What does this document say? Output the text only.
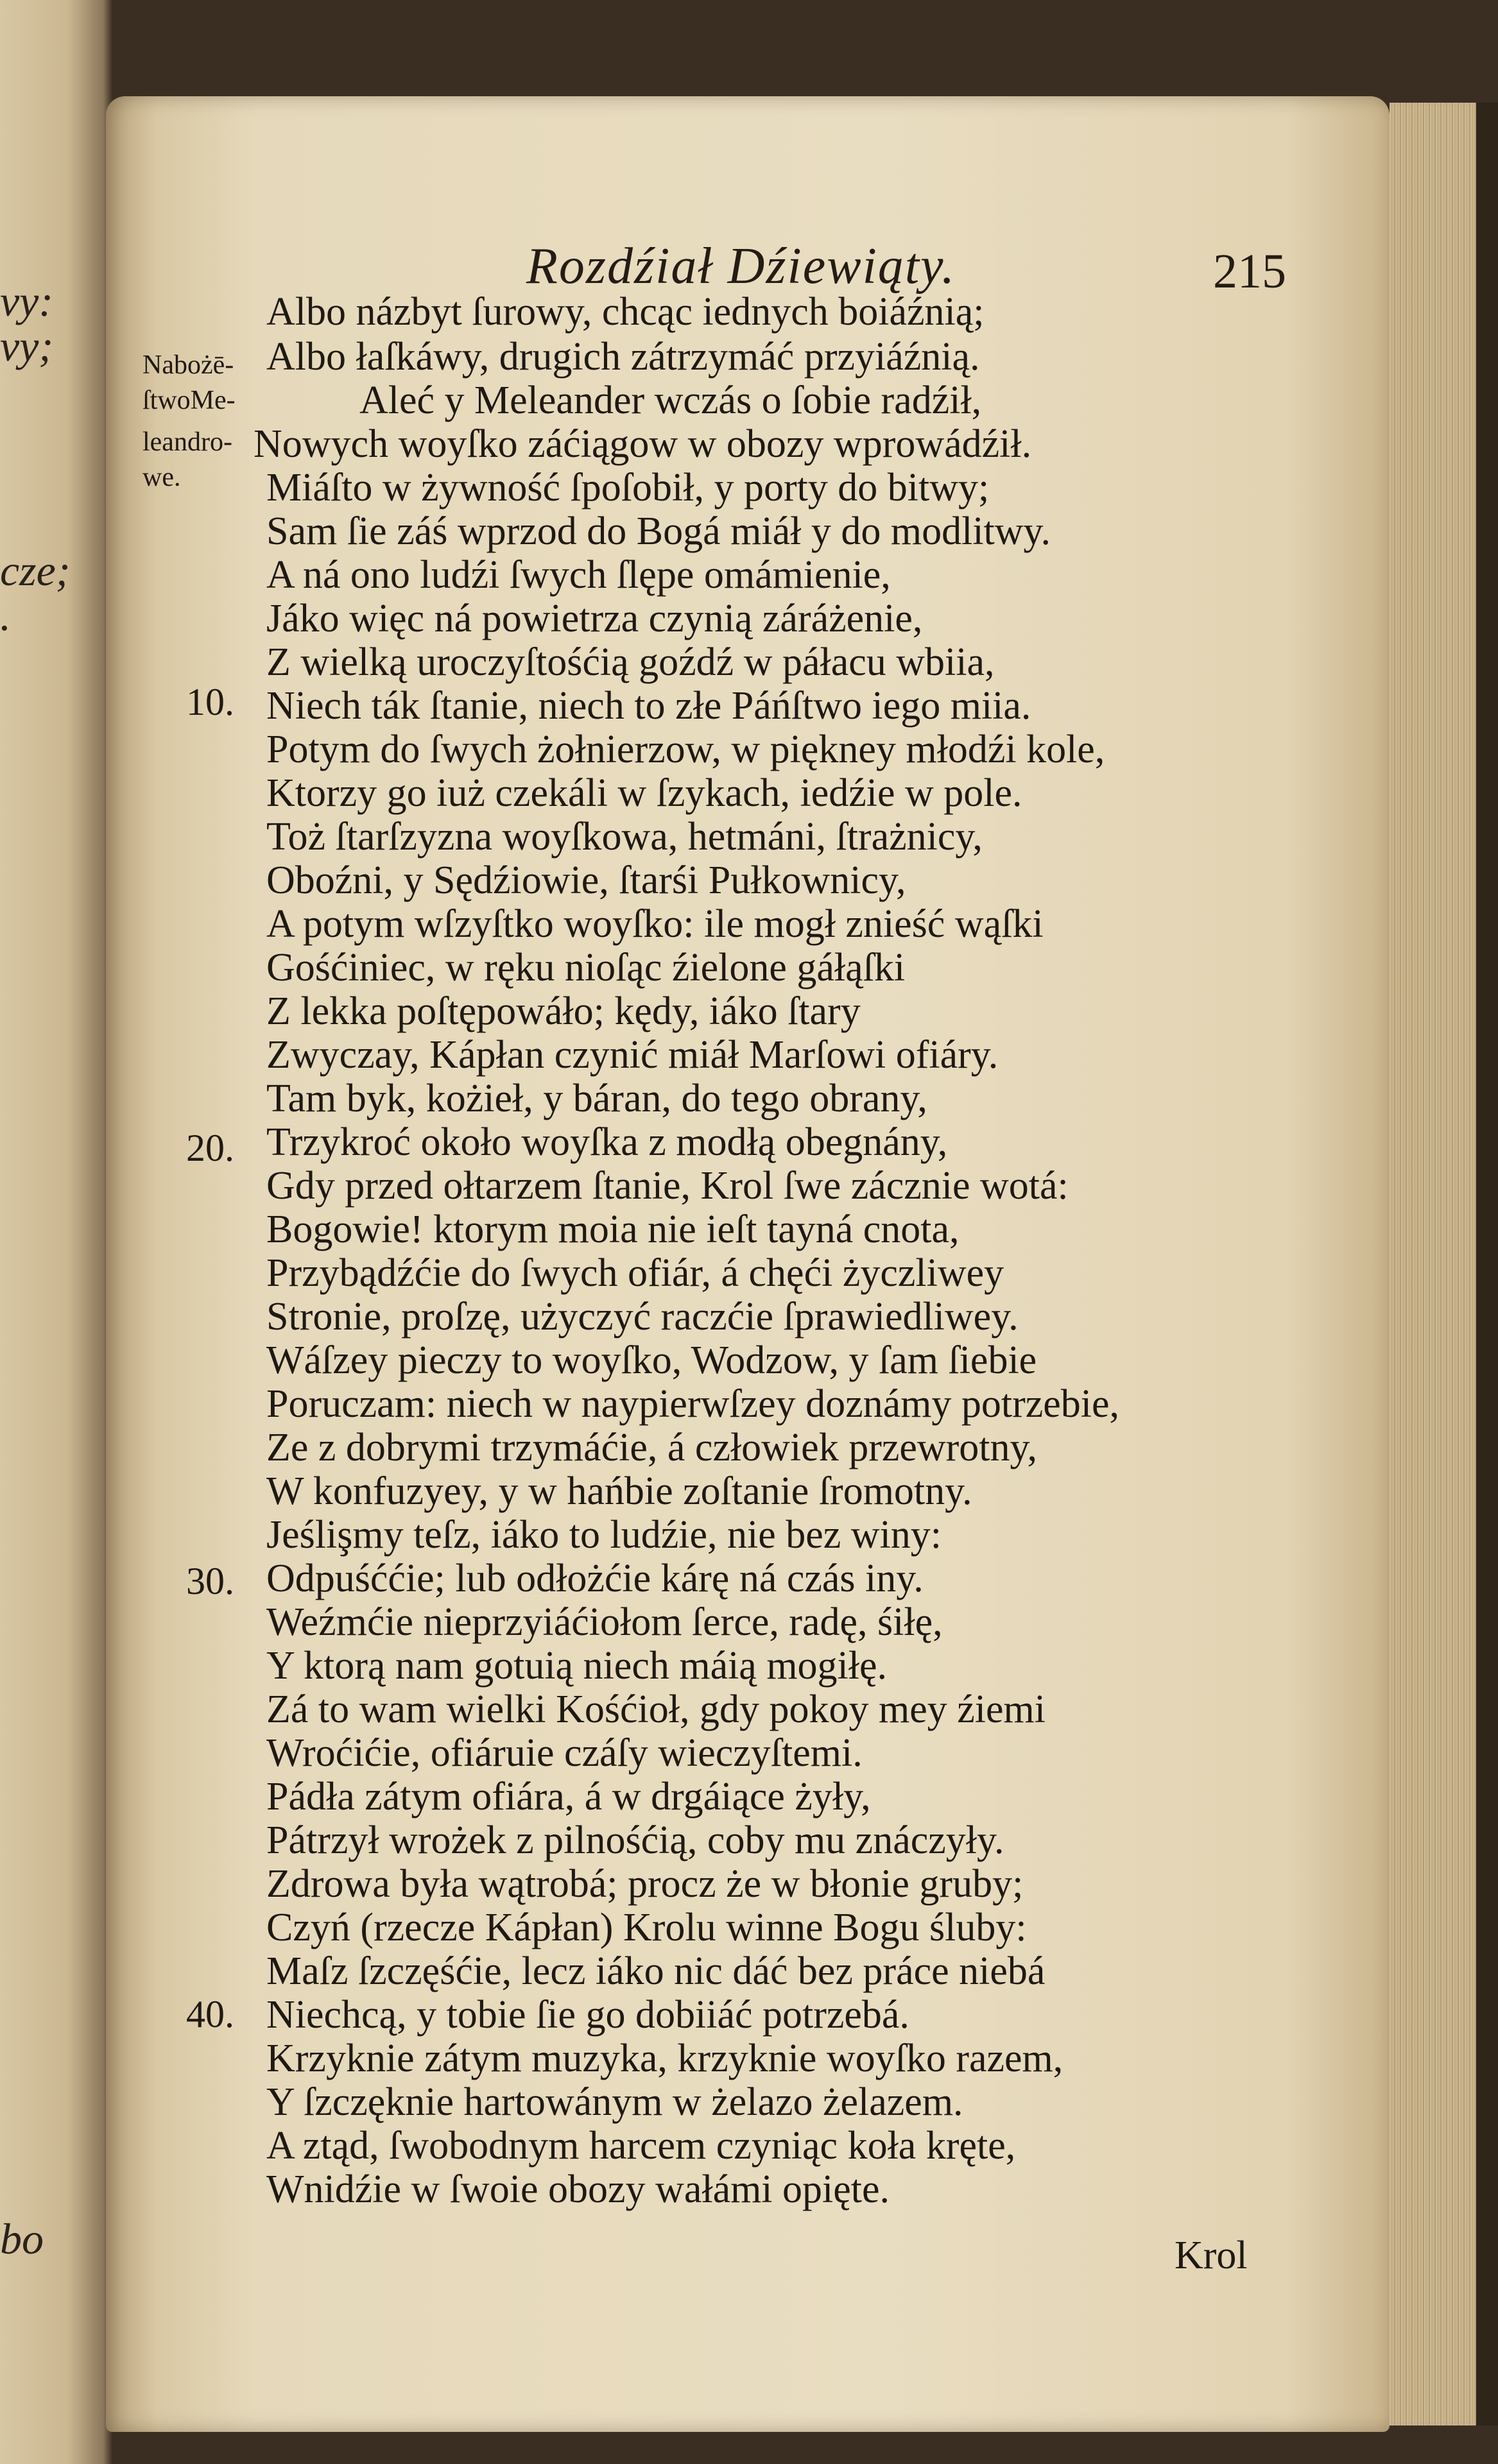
vy:
vy;
cze;
.
bo
Rozdźiał Dźiewiąty.	215
Nabożē-
ſtwoMe-
leandro-
we.
10.
20.
30.
40.
Albo názbyt ſurowy, chcąc iednych boiáźnią;
Albo łaſkáwy, drugich zátrzymáć przyiáźnią.
Aleć y Meleander wczás o ſobie radźił,
Nowych woyſko záćiągow w obozy wprowádźił.
Miáſto w żywność ſpoſobił, y porty do bitwy;
Sam ſie záś wprzod do Bogá miáł y do modlitwy.
A ná ono ludźi ſwych ſlępe omámienie,
Jáko więc ná powietrza czynią záráżenie,
Z wielką uroczyſtośćią goźdź w páłacu wbiia,
Niech ták ſtanie, niech to złe Páńſtwo iego miia.
Potym do ſwych żołnierzow, w piękney młodźi kole,
Ktorzy go iuż czekáli w ſzykach, iedźie w pole.
Toż ſtarſzyzna woyſkowa, hetmáni, ſtrażnicy,
Oboźni, y Sędźiowie, ſtarśi Pułkownicy,
A potym wſzyſtko woyſko: ile mogł znieść wąſki
Gośćiniec, w ręku nioſąc źielone gáłąſki
Z lekka poſtępowáło; kędy, iáko ſtary
Zwyczay, Kápłan czynić miáł Marſowi ofiáry.
Tam byk, kożieł, y báran, do tego obrany,
Trzykroć około woyſka z modłą obegnány,
Gdy przed ołtarzem ſtanie, Krol ſwe zácznie wotá:
Bogowie! ktorym moia nie ieſt tayná cnota,
Przybądźćie do ſwych ofiár, á chęći życzliwey
Stronie, proſzę, użyczyć raczćie ſprawiedliwey.
Wáſzey pieczy to woyſko, Wodzow, y ſam ſiebie
Poruczam: niech w naypierwſzey doznámy potrzebie,
Ze z dobrymi trzymáćie, á człowiek przewrotny,
W konfuzyey, y w hańbie zoſtanie ſromotny.
Jeślişmy teſz, iáko to ludźie, nie bez winy:
Odpuśććie; lub odłożćie kárę ná czás iny.
Weźmćie nieprzyiáćiołom ſerce, radę, śiłę,
Y ktorą nam gotuią niech máią mogiłę.
Zá to wam wielki Kośćioł, gdy pokoy mey źiemi
Wroćićie, ofiáruie czáſy wieczyſtemi.
Pádła zátym ofiára, á w drgáiące żyły,
Pátrzył wrożek z pilnośćią, coby mu znáczyły.
Zdrowa była wątrobá; procz że w błonie gruby;
Czyń (rzecze Kápłan) Krolu winne Bogu śluby:
Maſz ſzczęśćie, lecz iáko nic dáć bez práce niebá
Niechcą, y tobie ſie go dobiiáć potrzebá.
Krzyknie zátym muzyka, krzyknie woyſko razem,
Y ſzczęknie hartowánym w żelazo żelazem.
A ztąd, ſwobodnym harcem czyniąc koła kręte,
Wnidźie w ſwoie obozy wałámi opięte.
Krol
